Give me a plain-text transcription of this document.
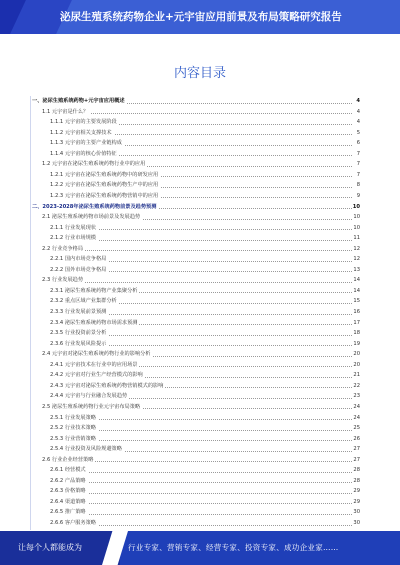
泌尿生殖系统药物企业+元宇宙应用前景及布局策略研究报告
内容目录
一、泌尿生殖系统药物+元宇宙应用概述	4
1.1 元宇宙是什么？	4
1.1.1 元宇宙的主要发展阶段	4
1.1.2 元宇宙相关支撑技术	5
1.1.3 元宇宙的主要产业链构成	6
1.1.4 元宇宙的核心价值特征	7
1.2 元宇宙在泌尿生殖系统药物行业中的应用	7
1.2.1 元宇宙在泌尿生殖系统药物中的研发应用	7
1.2.2 元宇宙在泌尿生殖系统药物生产中的应用	8
1.2.3 元宇宙在泌尿生殖系统药物营销中的应用	9
二、2023-2028年泌尿生殖系统药物前景及趋势预测	10
2.1 泌尿生殖系统药物市场前景及发展趋势	10
2.1.1 行业发展现状	10
2.1.2 行业市场规模	11
2.2 行业竞争格局	12
2.2.1 国内市场竞争格局	12
2.2.2 国外市场竞争格局	13
2.3 行业发展趋势	14
2.3.1 泌尿生殖系统药物产业集聚分析	14
2.3.2 重点区域产业集群分析	15
2.3.3 行业发展前景预测	16
2.3.4 泌尿生殖系统药物市场需求预测	17
2.3.5 行业投资前景分析	18
2.3.6 行业发展风险提示	19
2.4 元宇宙对泌尿生殖系统药物行业的影响分析	20
2.4.1 元宇宙技术在行业中的应用场景	20
2.4.2 元宇宙对行业生产经营模式的影响	21
2.4.3 元宇宙对泌尿生殖系统药物营销模式的影响	22
2.4.4 元宇宙与行业融合发展趋势	23
2.5 泌尿生殖系统药物行业元宇宙布局策略	24
2.5.1 行业发展策略	24
2.5.2 行业技术策略	25
2.5.3 行业营销策略	26
2.5.4 行业投资及风险规避策略	27
2.6 行业企业经营策略	27
2.6.1 经营模式	28
2.6.2 产品策略	28
2.6.3 价格策略	29
2.6.4 渠道策略	29
2.6.5 推广策略	30
2.6.6 客户服务策略	30
让每个人都能成为	行业专家、营销专家、经营专家、投资专家、成功企业家……
